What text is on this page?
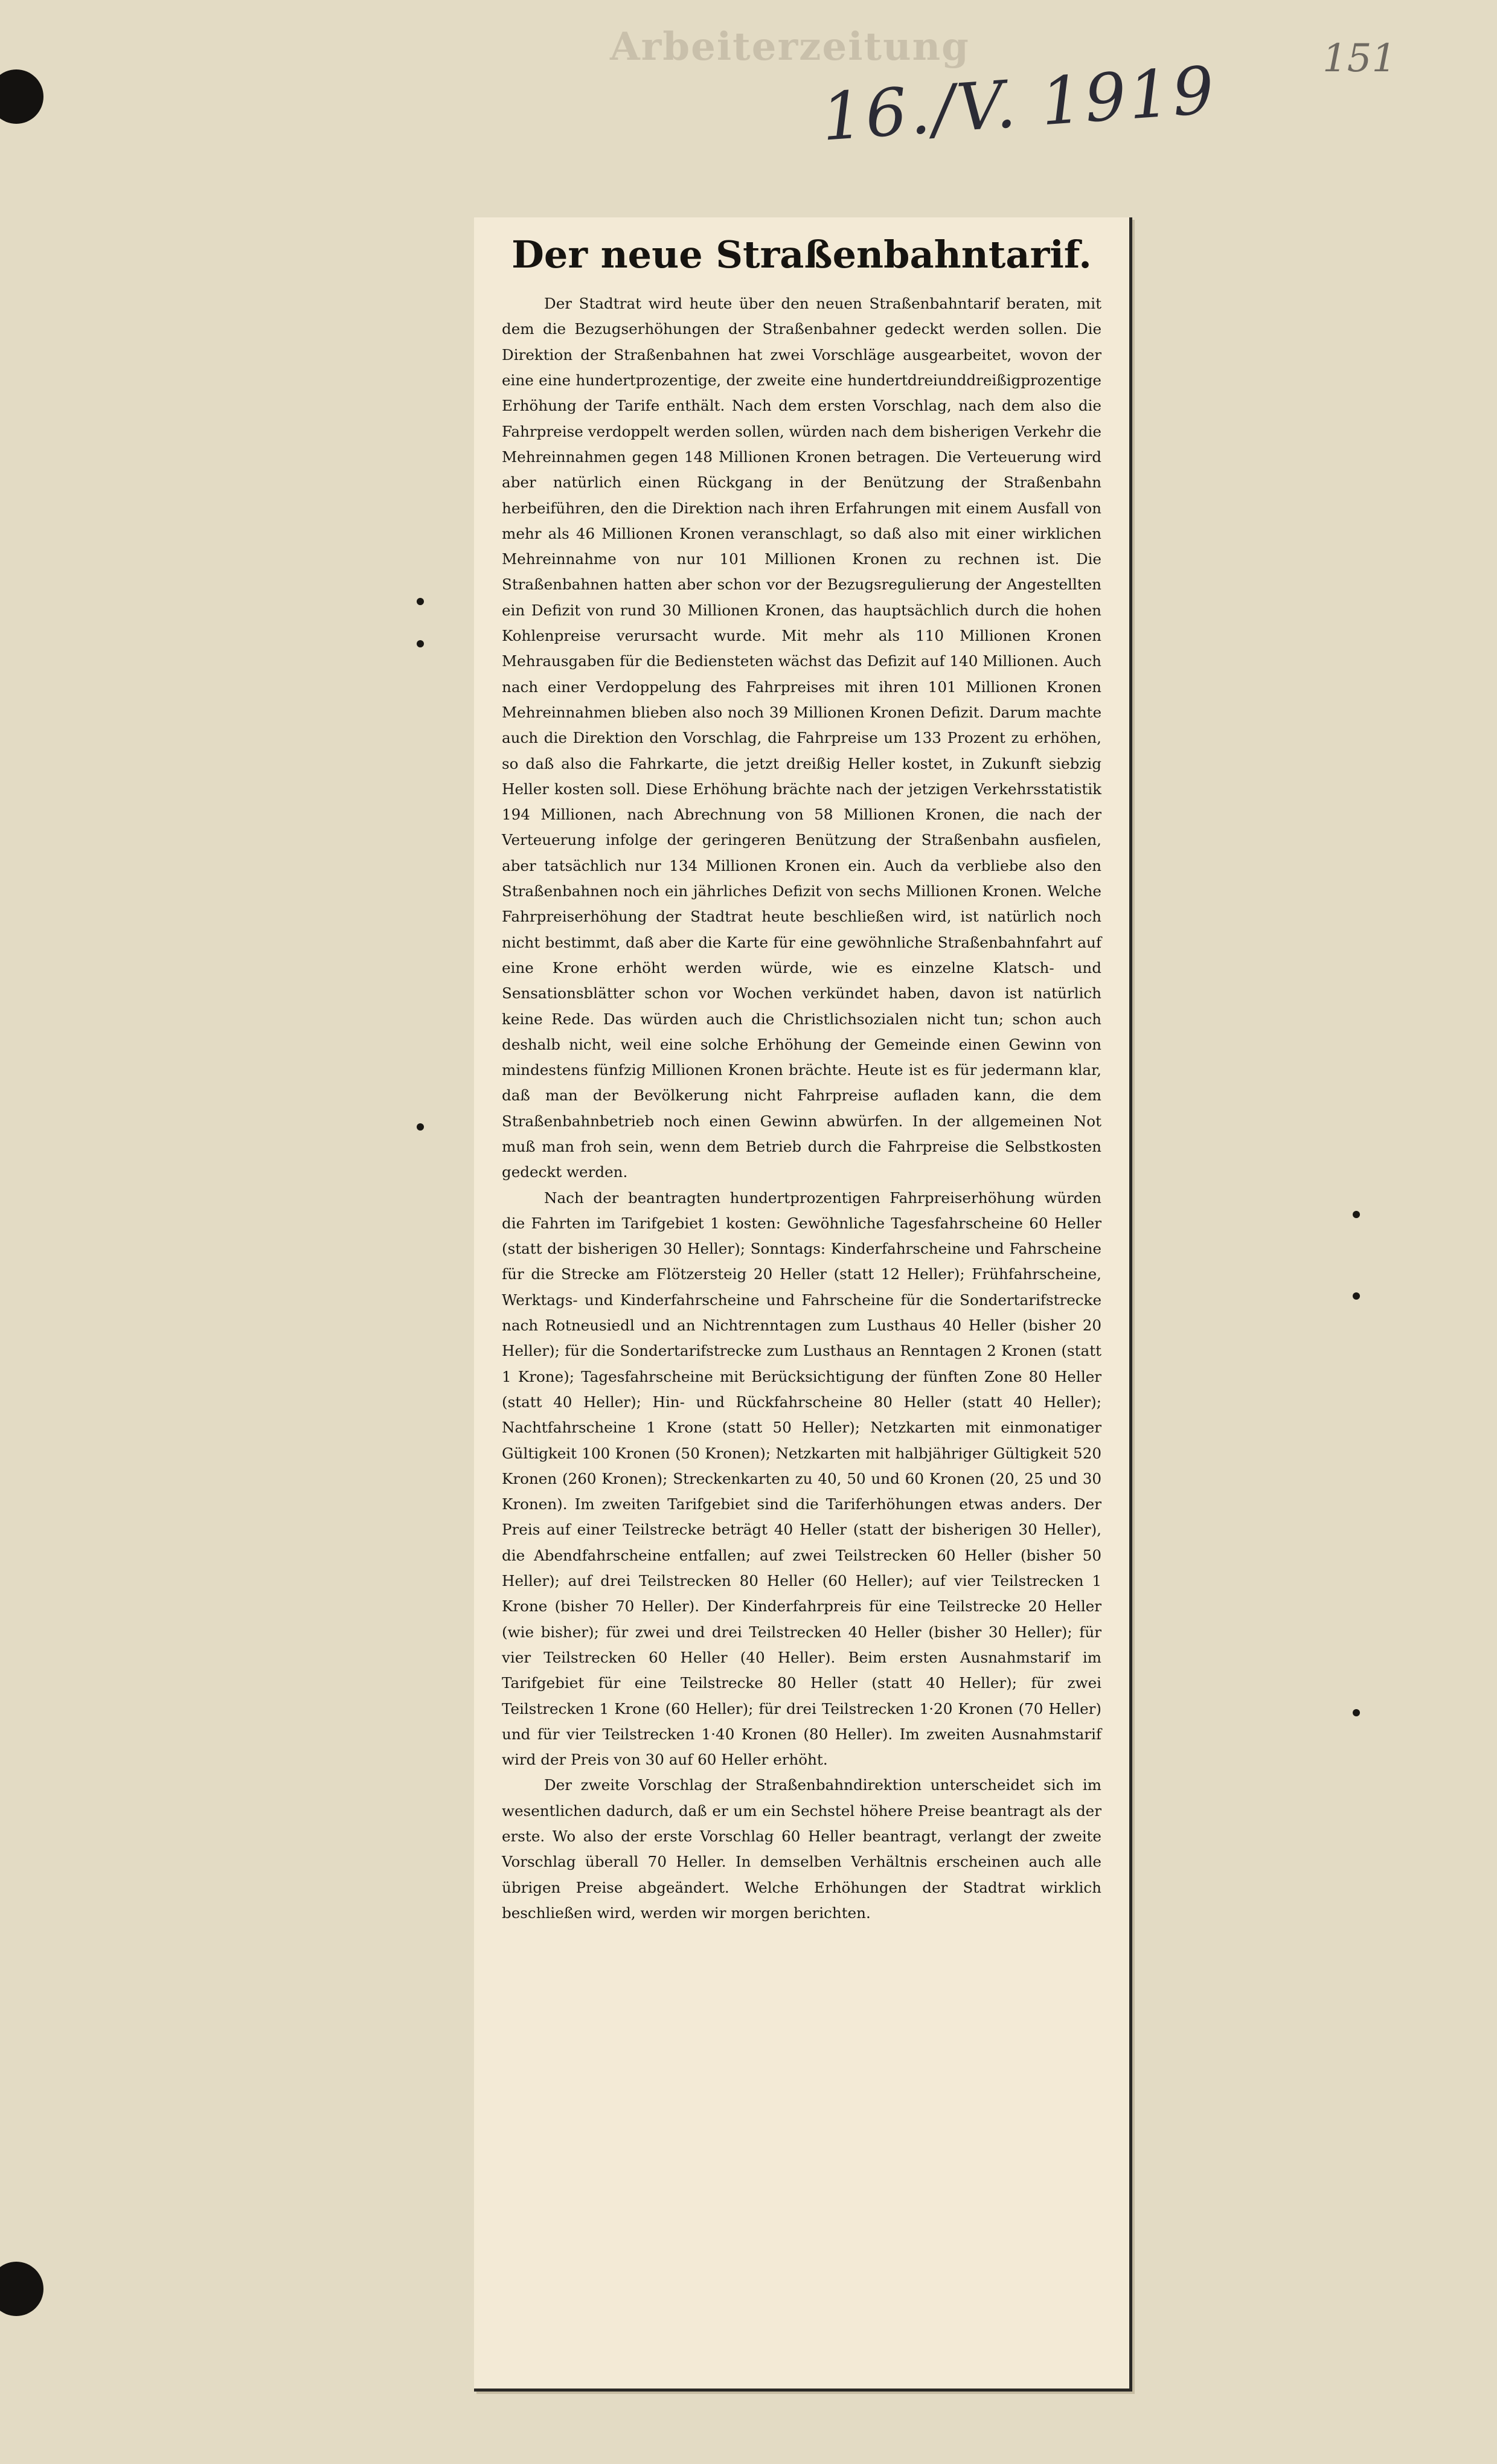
Arbeiterzeitung
16./V. 1919	151
Der neue Straßenbahntarif.

Der Stadtrat wird heute über den neuen Straßenbahntarif beraten, mit dem die Bezugserhöhungen der Straßenbahner gedeckt werden sollen. Die Direktion der Straßenbahnen hat zwei Vorschläge ausgearbeitet, wovon der eine eine hundertprozentige, der zweite eine hundertdreiunddreißigprozentige Erhöhung der Tarife enthält. Nach dem ersten Vorschlag, nach dem also die Fahrpreise verdoppelt werden sollen, würden nach dem bisherigen Verkehr die Mehreinnahmen gegen 148 Millionen Kronen betragen. Die Verteuerung wird aber natürlich einen Rückgang in der Benützung der Straßenbahn herbeiführen, den die Direktion nach ihren Erfahrungen mit einem Ausfall von mehr als 46 Millionen Kronen veranschlagt, so daß also mit einer wirklichen Mehreinnahme von nur 101 Millionen Kronen zu rechnen ist. Die Straßenbahnen hatten aber schon vor der Bezugsregulierung der Angestellten ein Defizit von rund 30 Millionen Kronen, das hauptsächlich durch die hohen Kohlenpreise verursacht wurde. Mit mehr als 110 Millionen Kronen Mehrausgaben für die Bediensteten wächst das Defizit auf 140 Millionen. Auch nach einer Verdoppelung des Fahrpreises mit ihren 101 Millionen Kronen Mehreinnahmen blieben also noch 39 Millionen Kronen Defizit. Darum machte auch die Direktion den Vorschlag, die Fahrpreise um 133 Prozent zu erhöhen, so daß also die Fahrkarte, die jetzt dreißig Heller kostet, in Zukunft siebzig Heller kosten soll. Diese Erhöhung brächte nach der jetzigen Verkehrsstatistik 194 Millionen, nach Abrechnung von 58 Millionen Kronen, die nach der Verteuerung infolge der geringeren Benützung der Straßenbahn ausfielen, aber tatsächlich nur 134 Millionen Kronen ein. Auch da verbliebe also den Straßenbahnen noch ein jährliches Defizit von sechs Millionen Kronen. Welche Fahrpreiserhöhung der Stadtrat heute beschließen wird, ist natürlich noch nicht bestimmt, daß aber die Karte für eine gewöhnliche Straßenbahnfahrt auf eine Krone erhöht werden würde, wie es einzelne Klatsch- und Sensationsblätter schon vor Wochen verkündet haben, davon ist natürlich keine Rede. Das würden auch die Christlichsozialen nicht tun; schon auch deshalb nicht, weil eine solche Erhöhung der Gemeinde einen Gewinn von mindestens fünfzig Millionen Kronen brächte. Heute ist es für jedermann klar, daß man der Bevölkerung nicht Fahrpreise aufladen kann, die dem Straßenbahnbetrieb noch einen Gewinn abwürfen. In der allgemeinen Not muß man froh sein, wenn dem Betrieb durch die Fahrpreise die Selbstkosten gedeckt werden.

Nach der beantragten hundertprozentigen Fahrpreiserhöhung würden die Fahrten im Tarifgebiet 1 kosten: Gewöhnliche Tagesfahrscheine 60 Heller (statt der bisherigen 30 Heller); Sonntags: Kinderfahrscheine und Fahrscheine für die Strecke am Flötzersteig 20 Heller (statt 12 Heller); Frühfahrscheine, Werktags- und Kinderfahrscheine und Fahrscheine für die Sondertarifstrecke nach Rotneusiedl und an Nichtrenntagen zum Lusthaus 40 Heller (bisher 20 Heller); für die Sondertarifstrecke zum Lusthaus an Renntagen 2 Kronen (statt 1 Krone); Tagesfahrscheine mit Berücksichtigung der fünften Zone 80 Heller (statt 40 Heller); Hin- und Rückfahrscheine 80 Heller (statt 40 Heller); Nachtfahrscheine 1 Krone (statt 50 Heller); Netzkarten mit einmonatiger Gültigkeit 100 Kronen (50 Kronen); Netzkarten mit halbjähriger Gültigkeit 520 Kronen (260 Kronen); Streckenkarten zu 40, 50 und 60 Kronen (20, 25 und 30 Kronen). Im zweiten Tarifgebiet sind die Tariferhöhungen etwas anders. Der Preis auf einer Teilstrecke beträgt 40 Heller (statt der bisherigen 30 Heller), die Abendfahrscheine entfallen; auf zwei Teilstrecken 60 Heller (bisher 50 Heller); auf drei Teilstrecken 80 Heller (60 Heller); auf vier Teilstrecken 1 Krone (bisher 70 Heller). Der Kinderfahrpreis für eine Teilstrecke 20 Heller (wie bisher); für zwei und drei Teilstrecken 40 Heller (bisher 30 Heller); für vier Teilstrecken 60 Heller (40 Heller). Beim ersten Ausnahmstarif im Tarifgebiet für eine Teilstrecke 80 Heller (statt 40 Heller); für zwei Teilstrecken 1 Krone (60 Heller); für drei Teilstrecken 1·20 Kronen (70 Heller) und für vier Teilstrecken 1·40 Kronen (80 Heller). Im zweiten Ausnahmstarif wird der Preis von 30 auf 60 Heller erhöht.

Der zweite Vorschlag der Straßenbahndirektion unterscheidet sich im wesentlichen dadurch, daß er um ein Sechstel höhere Preise beantragt als der erste. Wo also der erste Vorschlag 60 Heller beantragt, verlangt der zweite Vorschlag überall 70 Heller. In demselben Verhältnis erscheinen auch alle übrigen Preise abgeändert. Welche Erhöhungen der Stadtrat wirklich beschließen wird, werden wir morgen berichten.
